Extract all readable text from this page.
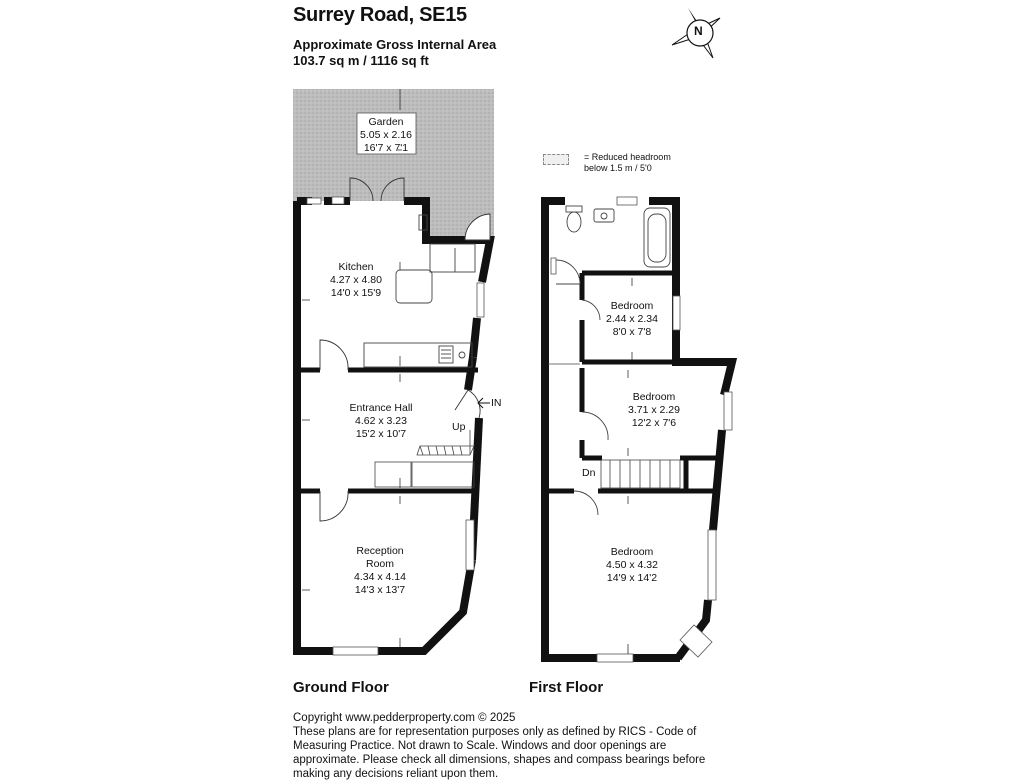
Surrey Road, SE15
Approximate Gross Internal Area
103.7 sq m / 1116 sq ft
N
= Reduced headroom
below 1.5 m / 5'0
Garden
5.05 x 2.16
16'7 x 7'1
Kitchen
4.27 x 4.80
14'0 x 15'9
Entrance Hall
4.62 x 3.23
15'2 x 10'7
Reception
Room
4.34 x 4.14
14'3 x 13'7
IN
Up
Bedroom
2.44 x 2.34
8'0 x 7'8
Bedroom
3.71 x 2.29
12'2 x 7'6
Bedroom
4.50 x 4.32
14'9 x 14'2
Dn
Ground Floor	First Floor
Copyright www.pedderproperty.com © 2025
These plans are for representation purposes only as defined by RICS - Code of Measuring Practice. Not drawn to Scale. Windows and door openings are approximate. Please check all dimensions, shapes and compass bearings before making any decisions reliant upon them.
